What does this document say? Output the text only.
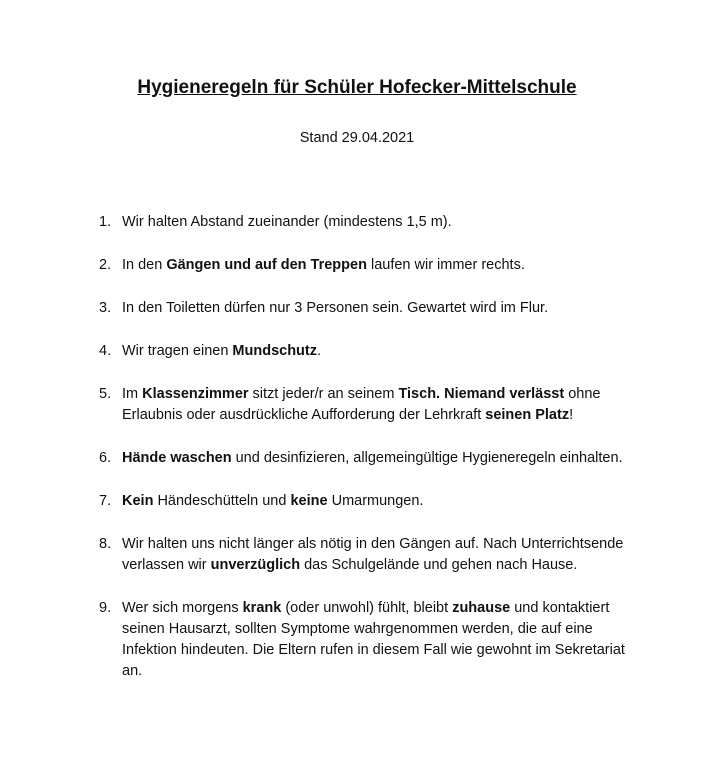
Hygieneregeln für Schüler Hofecker-Mittelschule

Stand 29.04.2021

1. Wir halten Abstand zueinander (mindestens 1,5 m).
2. In den Gängen und auf den Treppen laufen wir immer rechts.
3. In den Toiletten dürfen nur 3 Personen sein. Gewartet wird im Flur.
4. Wir tragen einen Mundschutz.
5. Im Klassenzimmer sitzt jeder/r an seinem Tisch. Niemand verlässt ohne Erlaubnis oder ausdrückliche Aufforderung der Lehrkraft seinen Platz!
6. Hände waschen und desinfizieren, allgemeingültige Hygieneregeln einhalten.
7. Kein Händeschütteln und keine Umarmungen.
8. Wir halten uns nicht länger als nötig in den Gängen auf. Nach Unterrichtsende verlassen wir unverzüglich das Schulgelände und gehen nach Hause.
9. Wer sich morgens krank (oder unwohl) fühlt, bleibt zuhause und kontaktiert seinen Hausarzt, sollten Symptome wahrgenommen werden, die auf eine Infektion hindeuten. Die Eltern rufen in diesem Fall wie gewohnt im Sekretariat an.
